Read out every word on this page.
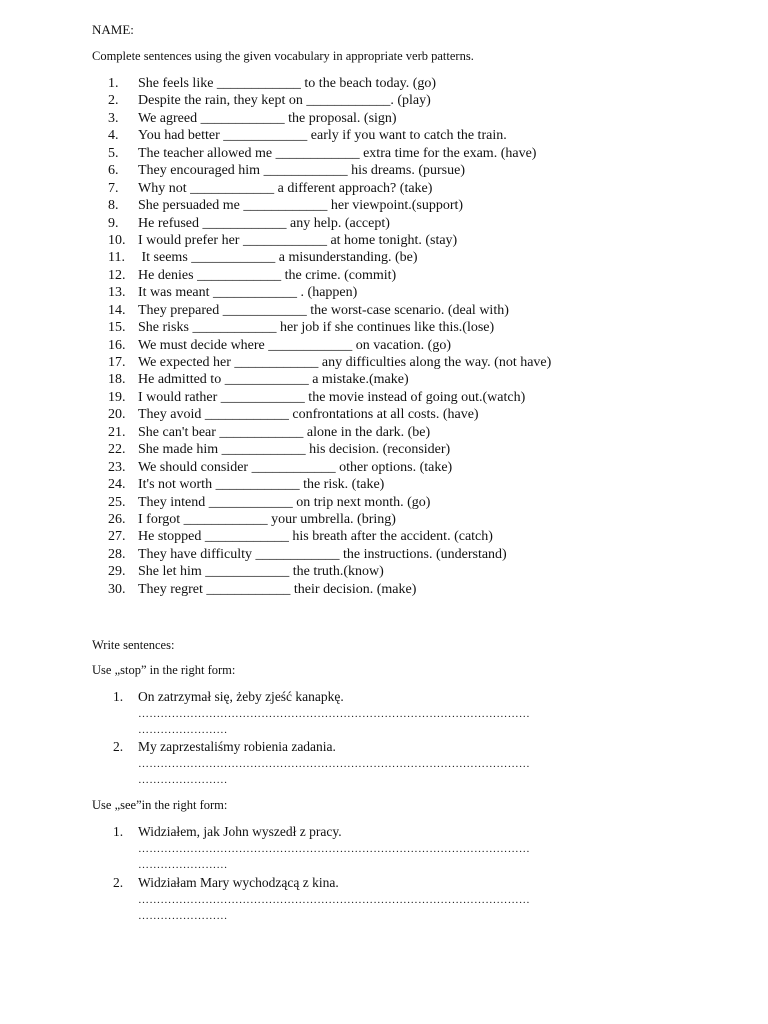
NAME:
Complete sentences using the given vocabulary in appropriate verb patterns.
1. She feels like ____________ to the beach today. (go)
2. Despite the rain, they kept on ____________. (play)
3. We agreed ____________ the proposal. (sign)
4. You had better ____________ early if you want to catch the train.
5. The teacher allowed me ____________ extra time for the exam. (have)
6. They encouraged him ____________ his dreams. (pursue)
7. Why not ____________ a different approach? (take)
8. She persuaded me ____________ her viewpoint.(support)
9. He refused ____________ any help. (accept)
10. I would prefer her ____________ at home tonight. (stay)
11. It seems ____________ a misunderstanding. (be)
12. He denies ____________ the crime. (commit)
13. It was meant ____________ . (happen)
14. They prepared ____________ the worst-case scenario. (deal with)
15. She risks ____________ her job if she continues like this.(lose)
16. We must decide where ____________ on vacation. (go)
17. We expected her ____________ any difficulties along the way. (not have)
18. He admitted to ____________ a mistake.(make)
19. I would rather ____________ the movie instead of going out.(watch)
20. They avoid ____________ confrontations at all costs. (have)
21. She can't bear ____________ alone in the dark. (be)
22. She made him ____________ his decision. (reconsider)
23. We should consider ____________ other options. (take)
24. It's not worth ____________ the risk. (take)
25. They intend ____________ on trip next month. (go)
26. I forgot ____________ your umbrella. (bring)
27. He stopped ____________ his breath after the accident. (catch)
28. They have difficulty ____________ the instructions. (understand)
29. She let him ____________ the truth.(know)
30. They regret ____________ their decision. (make)
Write sentences:
Use „stop” in the right form:
1. On zatrzymał się, żeby zjeść kanapkę.
……………………………………………………………………………………………
……………………
2. My zaprzestaliśmy robienia zadania.
……………………………………………………………………………………………
……………………
Use „see”in the right form:
1. Widziałem, jak John wyszedł z pracy.
……………………………………………………………………………………………
……………………
2. Widziałam Mary wychodzącą z kina.
……………………………………………………………………………………………
……………………
